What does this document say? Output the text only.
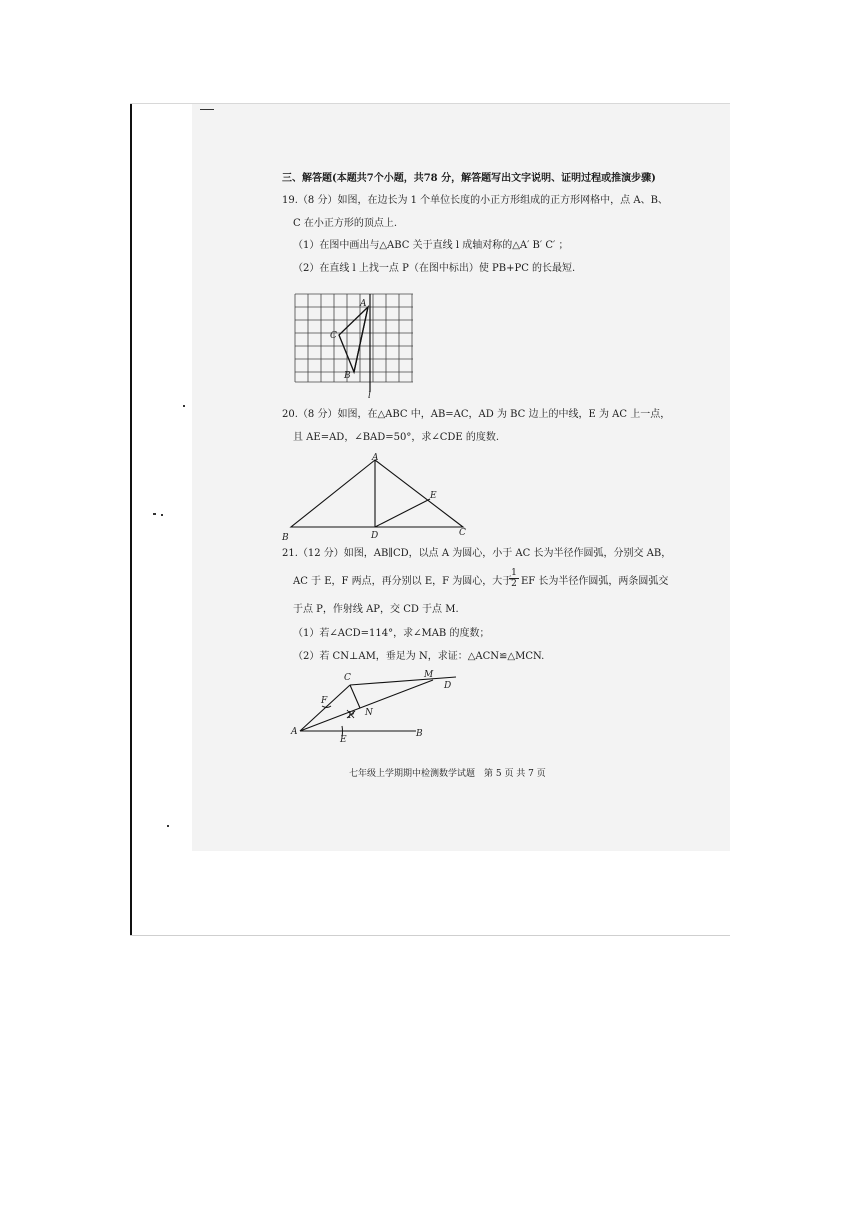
三、解答题(本题共7个小题，共78 分，解答题写出文字说明、证明过程或推演步骤)
19.（8 分）如图，在边长为 1 个单位长度的小正方形组成的正方形网格中，点 A、B、
C 在小正方形的顶点上.
（1）在图中画出与△ABC 关于直线 l 成轴对称的△A′ B′ C′ ；
（2）在直线 l 上找一点 P（在图中标出）使 PB+PC 的长最短.
A
C
B
l
20.（8 分）如图，在△ABC 中，AB=AC，AD 为 BC 边上的中线，E 为 AC 上一点，
且 AE=AD，∠BAD=50°，求∠CDE 的度数.
A
E
B	D	C
21.（12 分）如图，AB∥CD，以点 A 为圆心，小于 AC 长为半径作圆弧，分别交 AB，
AC 于 E，F 两点，再分别以 E，F 为圆心，大于
$\frac{1}{2}$ EF 长为半径作圆弧，两条圆弧交
于点 P，作射线 AP，交 CD 于点 M.
（1）若∠ACD=114°，求∠MAB 的度数；
（2）若 CN⊥AM，垂足为 N，求证：△ACN≌△MCN.
C	M
D
F
P N
A
E
B
七年级上学期期中检测数学试题　第 5 页 共 7 页
